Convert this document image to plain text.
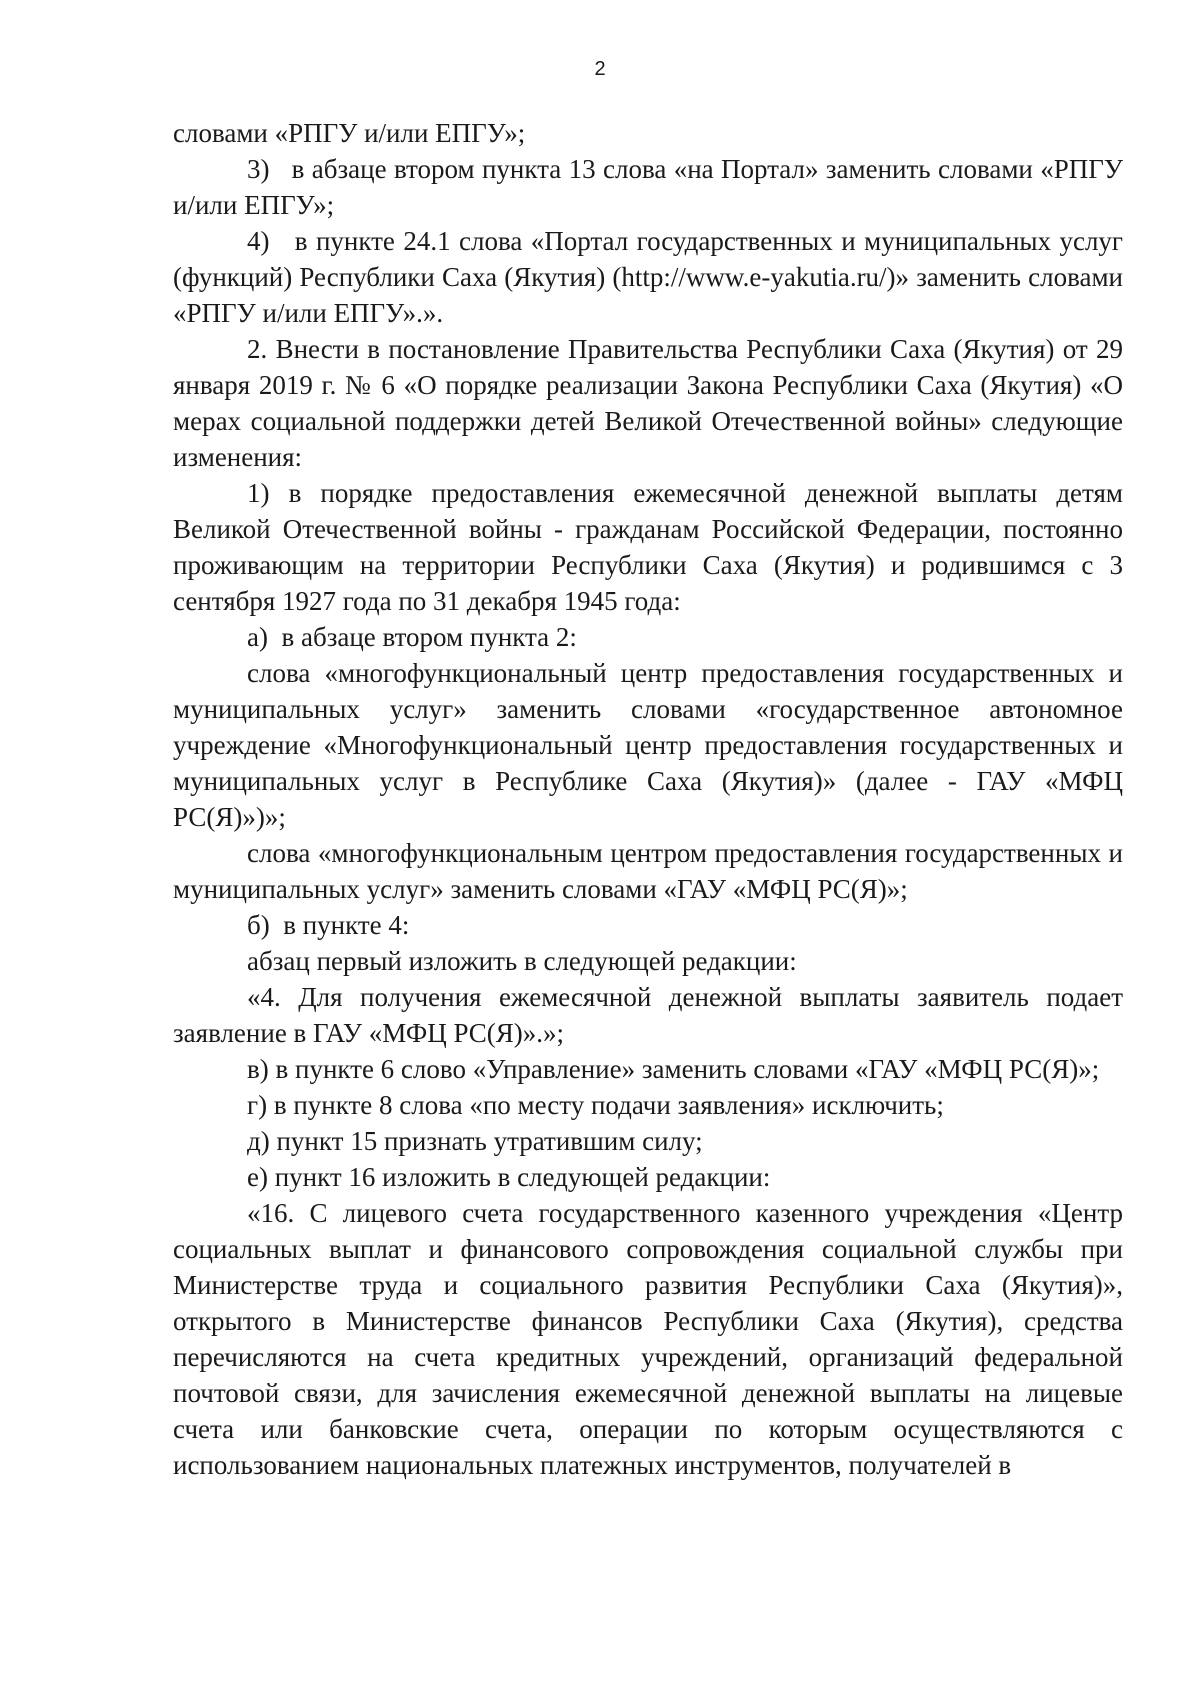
2

словами «РПГУ и/или ЕПГУ»;

3)   в абзаце втором пункта 13 слова «на Портал» заменить словами «РПГУ и/или ЕПГУ»;

4)   в пункте 24.1 слова «Портал государственных и муниципальных услуг (функций) Республики Саха (Якутия) (http://www.e-yakutia.ru/)» заменить словами «РПГУ и/или ЕПГУ».».

2. Внести в постановление Правительства Республики Саха (Якутия) от 29 января 2019 г. № 6 «О порядке реализации Закона Республики Саха (Якутия) «О мерах социальной поддержки детей Великой Отечественной войны» следующие изменения:

1) в порядке предоставления ежемесячной денежной выплаты детям Великой Отечественной войны - гражданам Российской Федерации, постоянно проживающим на территории Республики Саха (Якутия) и родившимся с 3 сентября 1927 года по 31 декабря 1945 года:

а)  в абзаце втором пункта 2:

слова «многофункциональный центр предоставления государственных и муниципальных услуг» заменить словами «государственное автономное учреждение «Многофункциональный центр предоставления государственных и муниципальных услуг в Республике Саха (Якутия)» (далее - ГАУ «МФЦ РС(Я)»)»;

слова «многофункциональным центром предоставления государственных и муниципальных услуг» заменить словами «ГАУ «МФЦ РС(Я)»;

б)  в пункте 4:

абзац первый изложить в следующей редакции:

«4. Для получения ежемесячной денежной выплаты заявитель подает заявление в ГАУ «МФЦ РС(Я)».»;

в) в пункте 6 слово «Управление» заменить словами «ГАУ «МФЦ РС(Я)»;

г) в пункте 8 слова «по месту подачи заявления» исключить;

д) пункт 15 признать утратившим силу;

е) пункт 16 изложить в следующей редакции:

«16. С лицевого счета государственного казенного учреждения «Центр социальных выплат и финансового сопровождения социальной службы при Министерстве труда и социального развития Республики Саха (Якутия)», открытого в Министерстве финансов Республики Саха (Якутия), средства перечисляются на счета кредитных учреждений, организаций федеральной почтовой связи, для зачисления ежемесячной денежной выплаты на лицевые счета или банковские счета, операции по которым осуществляются с использованием национальных платежных инструментов, получателей в
